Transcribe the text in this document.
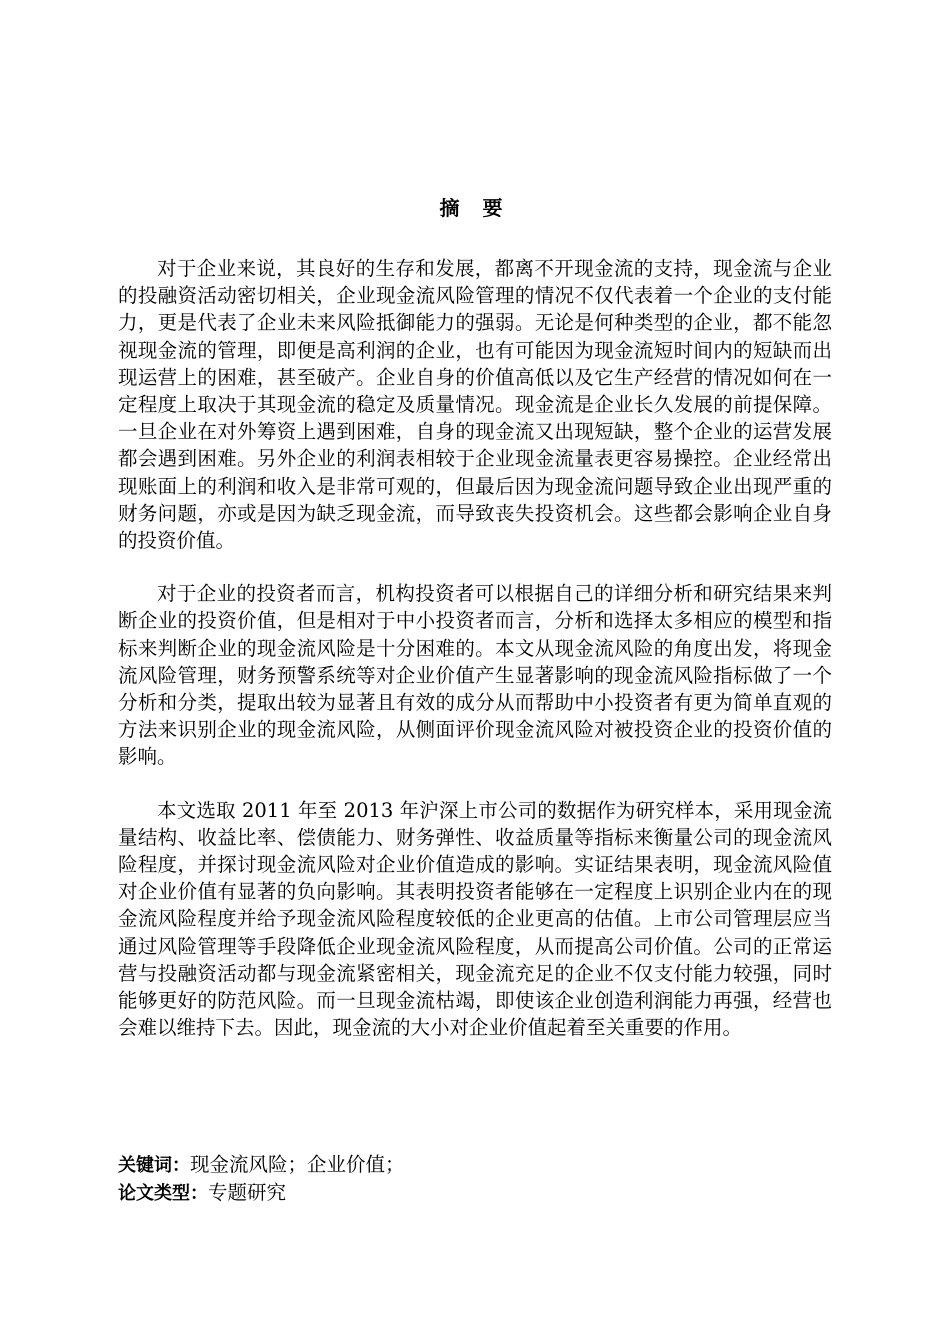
摘 要

对于企业来说，其良好的生存和发展，都离不开现金流的支持，现金流与企业的投融资活动密切相关，企业现金流风险管理的情况不仅代表着一个企业的支付能力，更是代表了企业未来风险抵御能力的强弱。无论是何种类型的企业，都不能忽视现金流的管理，即便是高利润的企业，也有可能因为现金流短时间内的短缺而出现运营上的困难，甚至破产。企业自身的价值高低以及它生产经营的情况如何在一定程度上取决于其现金流的稳定及质量情况。现金流是企业长久发展的前提保障。一旦企业在对外筹资上遇到困难，自身的现金流又出现短缺，整个企业的运营发展都会遇到困难。另外企业的利润表相较于企业现金流量表更容易操控。企业经常出现账面上的利润和收入是非常可观的，但最后因为现金流问题导致企业出现严重的财务问题，亦或是因为缺乏现金流，而导致丧失投资机会。这些都会影响企业自身的投资价值。

对于企业的投资者而言，机构投资者可以根据自己的详细分析和研究结果来判断企业的投资价值，但是相对于中小投资者而言，分析和选择太多相应的模型和指标来判断企业的现金流风险是十分困难的。本文从现金流风险的角度出发，将现金流风险管理，财务预警系统等对企业价值产生显著影响的现金流风险指标做了一个分析和分类，提取出较为显著且有效的成分从而帮助中小投资者有更为简单直观的方法来识别企业的现金流风险，从侧面评价现金流风险对被投资企业的投资价值的影响。

本文选取 2011 年至 2013 年沪深上市公司的数据作为研究样本，采用现金流量结构、收益比率、偿债能力、财务弹性、收益质量等指标来衡量公司的现金流风险程度，并探讨现金流风险对企业价值造成的影响。实证结果表明，现金流风险值对企业价值有显著的负向影响。其表明投资者能够在一定程度上识别企业内在的现金流风险程度并给予现金流风险程度较低的企业更高的估值。上市公司管理层应当通过风险管理等手段降低企业现金流风险程度，从而提高公司价值。公司的正常运营与投融资活动都与现金流紧密相关，现金流充足的企业不仅支付能力较强，同时能够更好的防范风险。而一旦现金流枯竭，即使该企业创造利润能力再强，经营也会难以维持下去。因此，现金流的大小对企业价值起着至关重要的作用。

关键词：现金流风险；企业价值；

论文类型：专题研究
